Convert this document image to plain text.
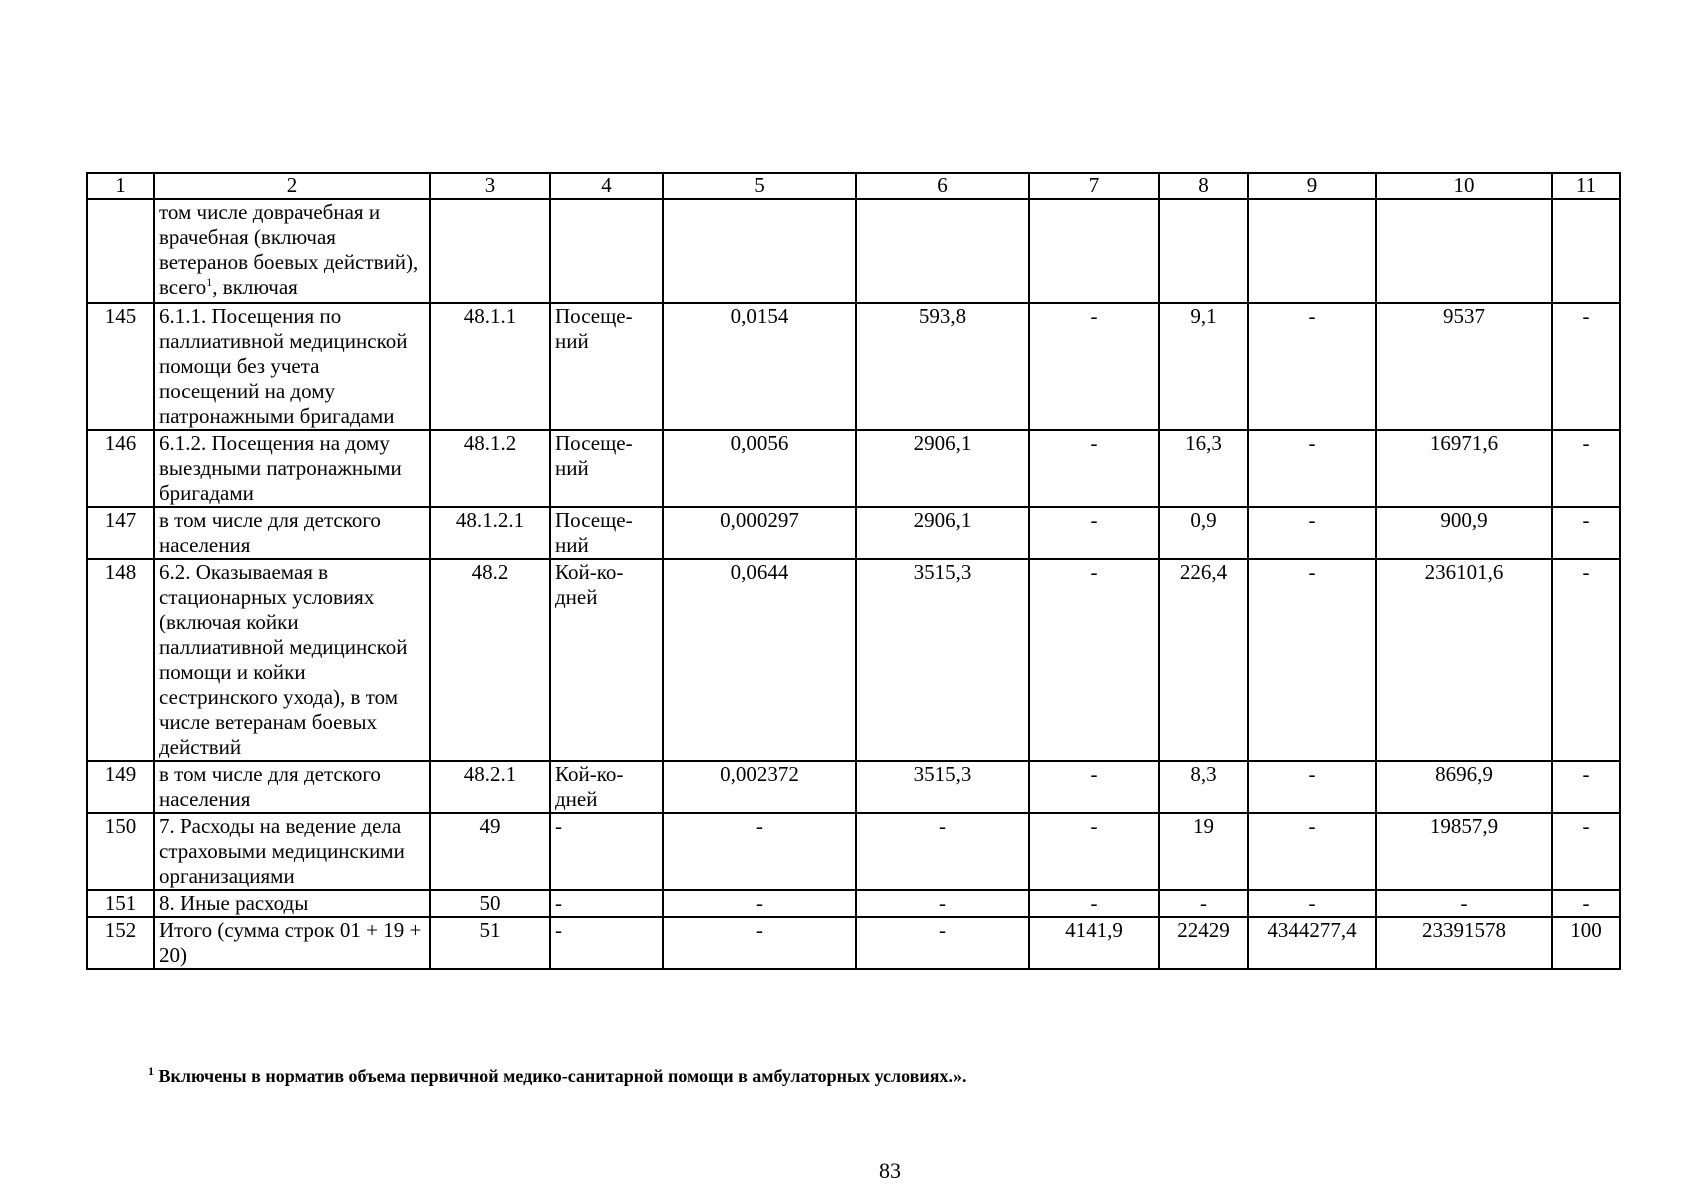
1	2	3	4	5	6	7	8	9	10	11
	том числе доврачебная и врачебная (включая ветеранов боевых действий), всего$^1$, включая									
145	6.1.1. Посещения по паллиативной медицинской помощи без учета посещений на дому патронажными бригадами	48.1.1	Посеще-ний	0,0154	593,8	-	9,1	-	9537	-
146	6.1.2. Посещения на дому выездными патронажными бригадами	48.1.2	Посеще-ний	0,0056	2906,1	-	16,3	-	16971,6	-
147	в том числе для детского населения	48.1.2.1	Посеще-ний	0,000297	2906,1	-	0,9	-	900,9	-
148	6.2. Оказываемая в стационарных условиях (включая койки паллиативной медицинской помощи и койки сестринского ухода), в том числе ветеранам боевых действий	48.2	Кой-ко-дней	0,0644	3515,3	-	226,4	-	236101,6	-
149	в том числе для детского населения	48.2.1	Кой-ко-дней	0,002372	3515,3	-	8,3	-	8696,9	-
150	7. Расходы на ведение дела страховыми медицинскими организациями	49	-	-	-	-	19	-	19857,9	-
151	8. Иные расходы	50	-	-	-	-	-	-	-	-
152	Итого (сумма строк 01 + 19 + 20)	51	-	-	-	4141,9	22429	4344277,4	23391578	100
$^1$ Включены в норматив объема первичной медико-санитарной помощи в амбулаторных условиях.».
83
